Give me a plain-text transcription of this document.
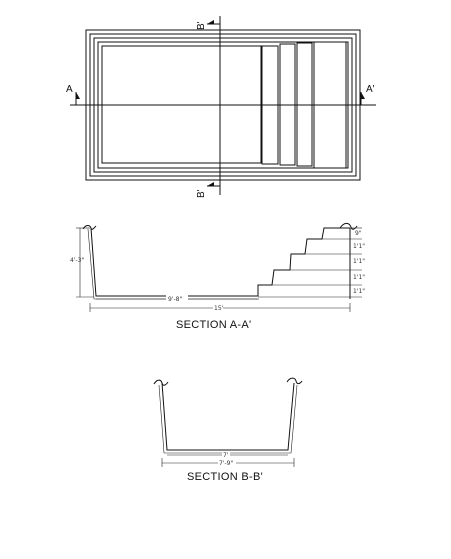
A	A'
B'
B'
4'-3"
9'-8"
15'
9"
1'1"
1'1"
1'1"
1'1"
SECTION A-A'
7'
7'-9"
SECTION B-B'
